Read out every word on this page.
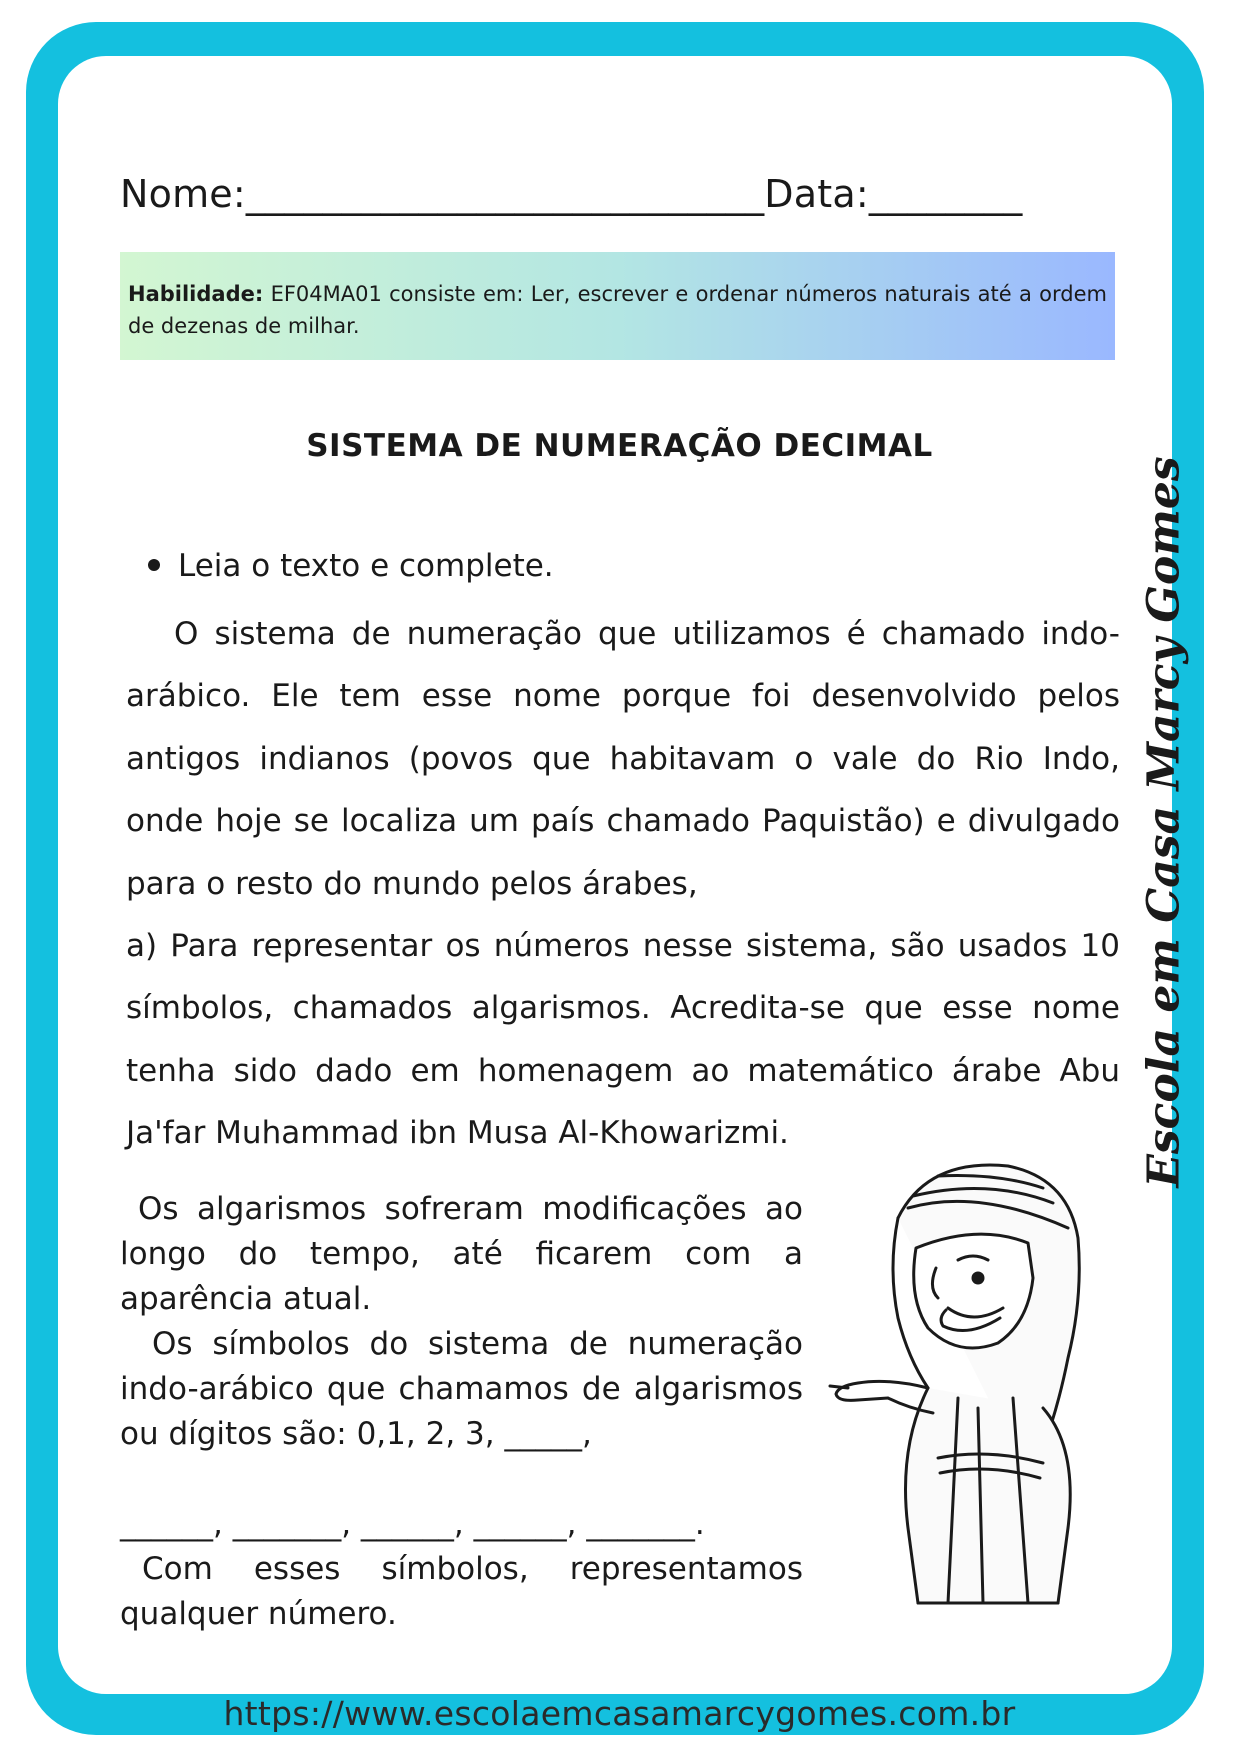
Nome:___________________________Data:________
Habilidade: EF04MA01 consiste em: Ler, escrever e ordenar números naturais até a ordem de dezenas de milhar.
SISTEMA DE NUMERAÇÃO DECIMAL
Leia o texto e complete.

O sistema de numeração que utilizamos é chamado indo-arábico. Ele tem esse nome porque foi desenvolvido pelos antigos indianos (povos que habitavam o vale do Rio Indo, onde hoje se localiza um país chamado Paquistão) e divulgado para o resto do mundo pelos árabes,

a) Para representar os números nesse sistema, são usados 10 símbolos, chamados algarismos. Acredita-se que esse nome tenha sido dado em homenagem ao matemático árabe Abu Ja'far Muhammad ibn Musa Al-Khowarizmi.

Os algarismos sofreram modificações ao longo do tempo, até ficarem com a aparência atual.

Os símbolos do sistema de numeração indo-arábico que chamamos de algarismos ou dígitos são: 0,1, 2, 3, _____,

______, _______, ______, ______, _______.

Com esses símbolos, representamos qualquer número.

Escola em Casa Marcy Gomes
https://www.escolaemcasamarcygomes.com.br
